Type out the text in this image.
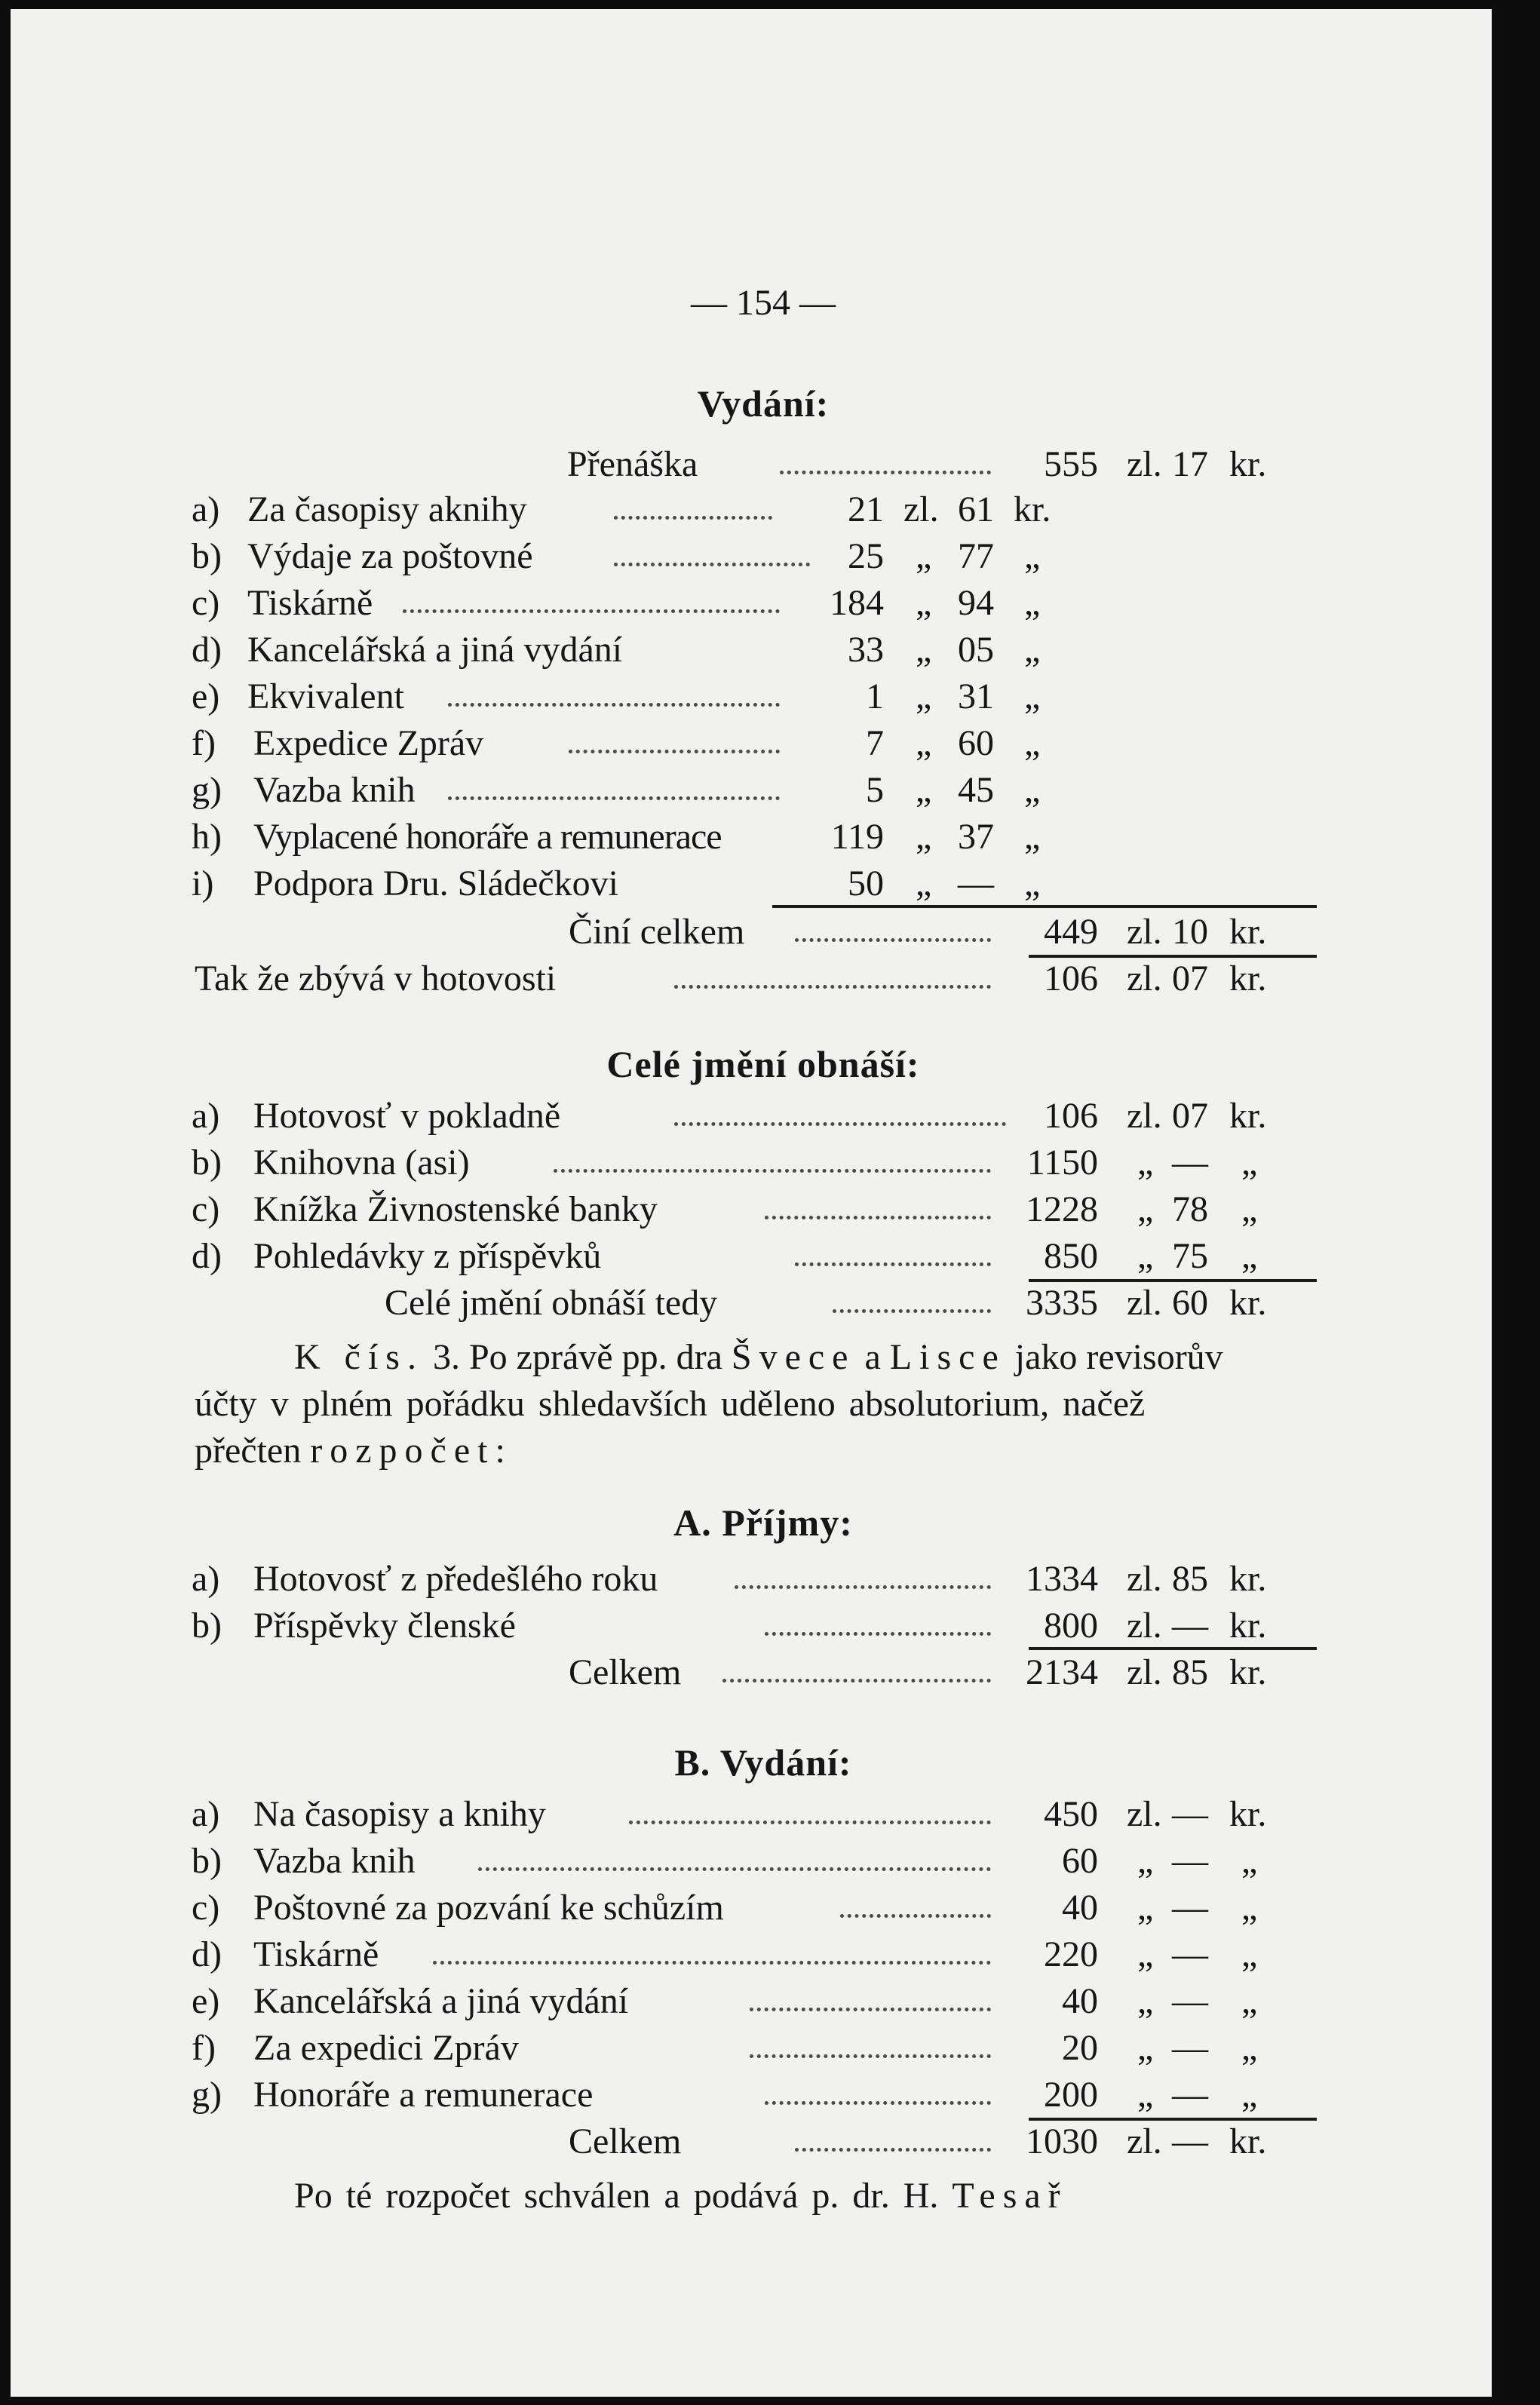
— 154 —
Vydání:
Přenáška	555 zl. 17 kr.
a) Za časopisy aknihy	21 zl. 61 kr.
b) Výdaje za poštovné	25 „ 77 „
c) Tiskárně	184 „ 94 „
d) Kancelářská a jiná vydání	33 „ 05 „
e) Ekvivalent	1 „ 31 „
f) Expedice Zpráv	7 „ 60 „
g) Vazba knih	5 „ 45 „
h) Vyplacené honoráře a remunerace	119 „ 37 „
i) Podpora Dru. Sládečkovi	50 „ — „
Činí celkem	449 zl. 10 kr.
Tak že zbývá v hotovosti	106 zl. 07 kr.
Celé jmění obnáší:
a) Hotovosť v pokladně	106 zl. 07 kr.
b) Knihovna (asi)	1150 „ — „
c) Knížka Živnostenské banky	1228 „ 78 „
d) Pohledávky z příspěvků	850 „ 75 „
Celé jmění obnáší tedy	3335 zl. 60 kr.
K čís. 3. Po zprávě pp. dra Švece a Lisce jako revisorův
účty v plném pořádku shledavších uděleno absolutorium, načež
přečten rozpočet:
A. Příjmy:
a) Hotovosť z předešlého roku	1334 zl. 85 kr.
b) Příspěvky členské	800 zl. — kr.
Celkem	2134 zl. 85 kr.
B. Vydání:
a) Na časopisy a knihy	450 zl. — kr.
b) Vazba knih	60 „ — „
c) Poštovné za pozvání ke schůzím	40 „ — „
d) Tiskárně	220 „ — „
e) Kancelářská a jiná vydání	40 „ — „
f) Za expedici Zpráv	20 „ — „
g) Honoráře a remunerace	200 „ — „
Celkem	1030 zl. — kr.
Po té rozpočet schválen a podává p. dr. H. Tesař
